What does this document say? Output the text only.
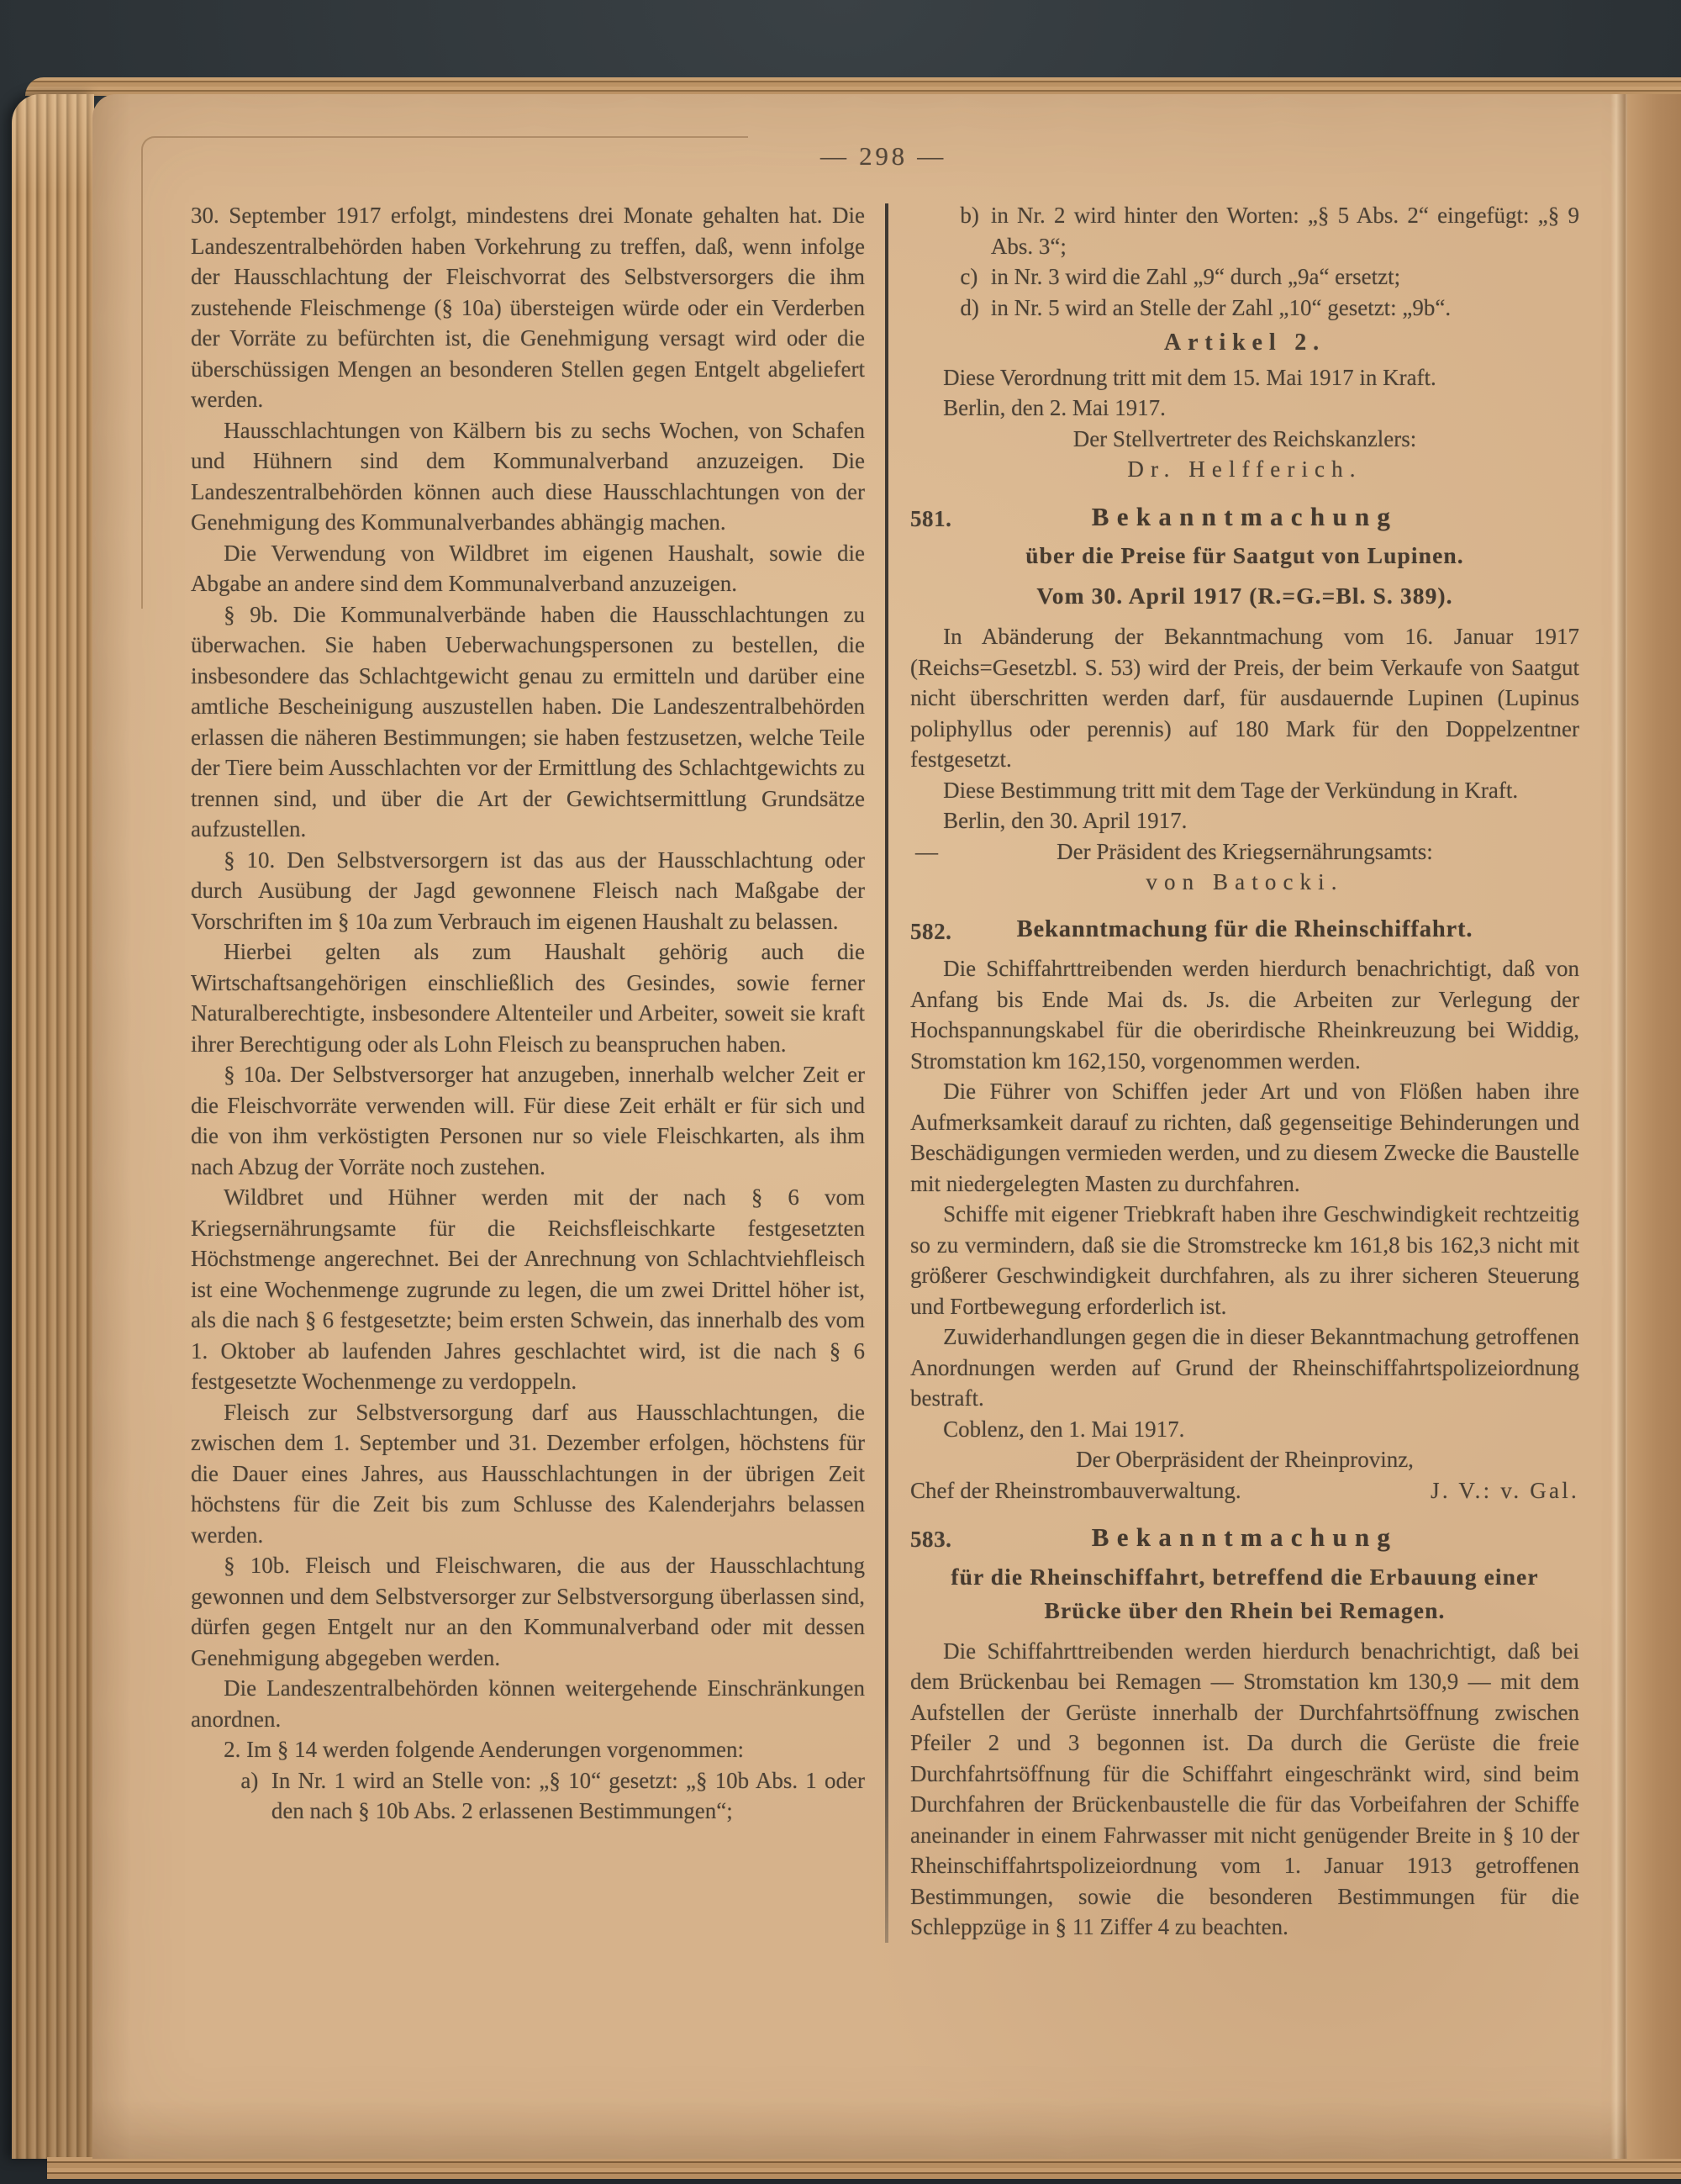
— 298 —

30. September 1917 erfolgt, mindestens drei Monate gehalten hat. Die Landeszentralbehörden haben Vorkehrung zu treffen, daß, wenn infolge der Hausschlachtung der Fleischvorrat des Selbstversorgers die ihm zustehende Fleischmenge (§ 10a) übersteigen würde oder ein Verderben der Vorräte zu befürchten ist, die Genehmigung versagt wird oder die überschüssigen Mengen an besonderen Stellen gegen Entgelt abgeliefert werden.

Hausschlachtungen von Kälbern bis zu sechs Wochen, von Schafen und Hühnern sind dem Kommunalverband anzuzeigen. Die Landeszentralbehörden können auch diese Hausschlachtungen von der Genehmigung des Kommunalverbandes abhängig machen.

Die Verwendung von Wildbret im eigenen Haushalt, sowie die Abgabe an andere sind dem Kommunalverband anzuzeigen.

§ 9b. Die Kommunalverbände haben die Hausschlachtungen zu überwachen. Sie haben Ueberwachungspersonen zu bestellen, die insbesondere das Schlachtgewicht genau zu ermitteln und darüber eine amtliche Bescheinigung auszustellen haben. Die Landeszentralbehörden erlassen die näheren Bestimmungen; sie haben festzusetzen, welche Teile der Tiere beim Ausschlachten vor der Ermittlung des Schlachtgewichts zu trennen sind, und über die Art der Gewichtsermittlung Grundsätze aufzustellen.

§ 10. Den Selbstversorgern ist das aus der Hausschlachtung oder durch Ausübung der Jagd gewonnene Fleisch nach Maßgabe der Vorschriften im § 10a zum Verbrauch im eigenen Haushalt zu belassen.

Hierbei gelten als zum Haushalt gehörig auch die Wirtschaftsangehörigen einschließlich des Gesindes, sowie ferner Naturalberechtigte, insbesondere Altenteiler und Arbeiter, soweit sie kraft ihrer Berechtigung oder als Lohn Fleisch zu beanspruchen haben.

§ 10a. Der Selbstversorger hat anzugeben, innerhalb welcher Zeit er die Fleischvorräte verwenden will. Für diese Zeit erhält er für sich und die von ihm verköstigten Personen nur so viele Fleischkarten, als ihm nach Abzug der Vorräte noch zustehen.

Wildbret und Hühner werden mit der nach § 6 vom Kriegsernährungsamte für die Reichsfleischkarte festgesetzten Höchstmenge angerechnet. Bei der Anrechnung von Schlachtviehfleisch ist eine Wochenmenge zugrunde zu legen, die um zwei Drittel höher ist, als die nach § 6 festgesetzte; beim ersten Schwein, das innerhalb des vom 1. Oktober ab laufenden Jahres geschlachtet wird, ist die nach § 6 festgesetzte Wochenmenge zu verdoppeln.

Fleisch zur Selbstversorgung darf aus Hausschlachtungen, die zwischen dem 1. September und 31. Dezember erfolgen, höchstens für die Dauer eines Jahres, aus Hausschlachtungen in der übrigen Zeit höchstens für die Zeit bis zum Schlusse des Kalenderjahrs belassen werden.

§ 10b. Fleisch und Fleischwaren, die aus der Hausschlachtung gewonnen und dem Selbstversorger zur Selbstversorgung überlassen sind, dürfen gegen Entgelt nur an den Kommunalverband oder mit dessen Genehmigung abgegeben werden.

Die Landeszentralbehörden können weitergehende Einschränkungen anordnen.

2. Im § 14 werden folgende Aenderungen vorgenommen:

a) In Nr. 1 wird an Stelle von: „§ 10“ gesetzt: „§ 10b Abs. 1 oder den nach § 10b Abs. 2 erlassenen Bestimmungen“;
b) in Nr. 2 wird hinter den Worten: „§ 5 Abs. 2“ eingefügt: „§ 9 Abs. 3“;
c) in Nr. 3 wird die Zahl „9“ durch „9a“ ersetzt;
d) in Nr. 5 wird an Stelle der Zahl „10“ gesetzt: „9b“.

Artikel 2.

Diese Verordnung tritt mit dem 15. Mai 1917 in Kraft.

Berlin, den 2. Mai 1917.

Der Stellvertreter des Reichskanzlers:

Dr. Helfferich.

581.	Bekanntmachung

über die Preise für Saatgut von Lupinen.

Vom 30. April 1917 (R.=G.=Bl. S. 389).

In Abänderung der Bekanntmachung vom 16. Januar 1917 (Reichs=Gesetzbl. S. 53) wird der Preis, der beim Verkaufe von Saatgut nicht überschritten werden darf, für ausdauernde Lupinen (Lupinus poliphyllus oder perennis) auf 180 Mark für den Doppelzentner festgesetzt.

Diese Bestimmung tritt mit dem Tage der Verkündung in Kraft.

Berlin, den 30. April 1917.

—	Der Präsident des Kriegsernährungsamts:

von Batocki.

582.	Bekanntmachung für die Rheinschiffahrt.

Die Schiffahrttreibenden werden hierdurch benachrichtigt, daß von Anfang bis Ende Mai ds. Js. die Arbeiten zur Verlegung der Hochspannungskabel für die oberirdische Rheinkreuzung bei Widdig, Stromstation km 162,150, vorgenommen werden.

Die Führer von Schiffen jeder Art und von Flößen haben ihre Aufmerksamkeit darauf zu richten, daß gegenseitige Behinderungen und Beschädigungen vermieden werden, und zu diesem Zwecke die Baustelle mit niedergelegten Masten zu durchfahren.

Schiffe mit eigener Triebkraft haben ihre Geschwindigkeit rechtzeitig so zu vermindern, daß sie die Stromstrecke km 161,8 bis 162,3 nicht mit größerer Geschwindigkeit durchfahren, als zu ihrer sicheren Steuerung und Fortbewegung erforderlich ist.

Zuwiderhandlungen gegen die in dieser Bekanntmachung getroffenen Anordnungen werden auf Grund der Rheinschiffahrtspolizeiordnung bestraft.

Coblenz, den 1. Mai 1917.

Der Oberpräsident der Rheinprovinz,

Chef der Rheinstrombauverwaltung.	J. V.: v. Gal.

583.	Bekanntmachung

für die Rheinschiffahrt, betreffend die Erbauung einer Brücke über den Rhein bei Remagen.

Die Schiffahrttreibenden werden hierdurch benachrichtigt, daß bei dem Brückenbau bei Remagen — Stromstation km 130,9 — mit dem Aufstellen der Gerüste innerhalb der Durchfahrtsöffnung zwischen Pfeiler 2 und 3 begonnen ist. Da durch die Gerüste die freie Durchfahrtsöffnung für die Schiffahrt eingeschränkt wird, sind beim Durchfahren der Brückenbaustelle die für das Vorbeifahren der Schiffe aneinander in einem Fahrwasser mit nicht genügender Breite in § 10 der Rheinschiffahrtspolizeiordnung vom 1. Januar 1913 getroffenen Bestimmungen, sowie die besonderen Bestimmungen für die Schleppzüge in § 11 Ziffer 4 zu beachten.
